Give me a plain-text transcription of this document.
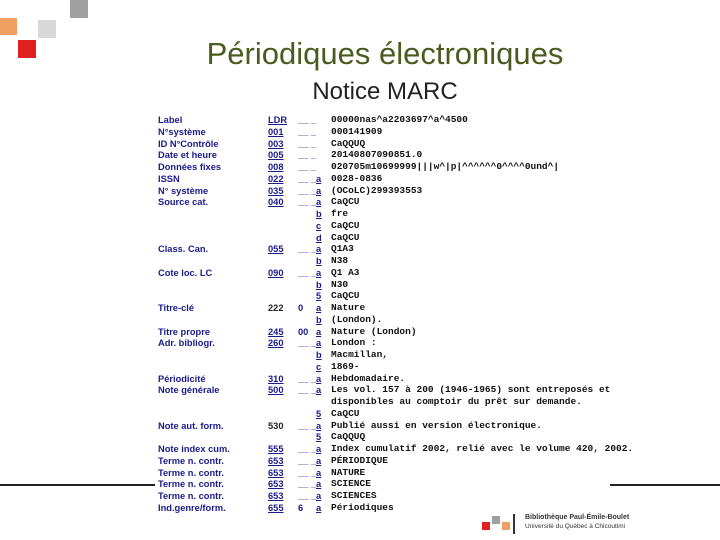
Périodiques électroniques
Notice MARC
Label	LDR __ _ 00000nas^a2203697^a^4500
N°système	001 __ _ 000141909
ID N°Contrôle	003 __ _ CaQQUQ
Date et heure	005 __ _ 20140807090851.0
Données fixes	008 __ _ 020705m10699999|||w^|p|^^^^^^0^^^^0und^|
ISSN	022 __ _ a 0028-0836
N° système	035 __ _ a (OCoLC)299393553
Source cat.	040 __ _ a CaQCU
b fre
c CaQCU
d CaQCU
Class. Can.	055 __ _ a Q1A3
b N38
Cote loc. LC	090 __ _ a Q1 A3
b N30
5 CaQCU
Titre-clé	222 0 a Nature
b (London).
Titre propre	245 00 a Nature (London)
Adr. bibliogr.	260 __ _ a London :
b Macmillan,
c 1869-
Périodicité	310 __ _ a Hebdomadaire.
Note générale	500 __ _ a Les vol. 157 à 200 (1946-1965) sont entreposés et
disponibles au comptoir du prêt sur demande.
5 CaQCU
Note aut. form.	530 __ _ a Publié aussi en version électronique.
5 CaQQUQ
Note index cum.	555 __ _ a Index cumulatif 2002, relié avec le volume 420, 2002.
Terme n. contr.	653 __ _ a PÉRIODIQUE
Terme n. contr.	653 __ _ a NATURE
Terme n. contr.	653 __ _ a SCIENCE
Terme n. contr.	653 __ _ a SCIENCES
Ind.genre/form.	655 6 a Périodiques
Bibliothèque Paul-Émile-Boulet
Université du Québec à Chicoutimi
